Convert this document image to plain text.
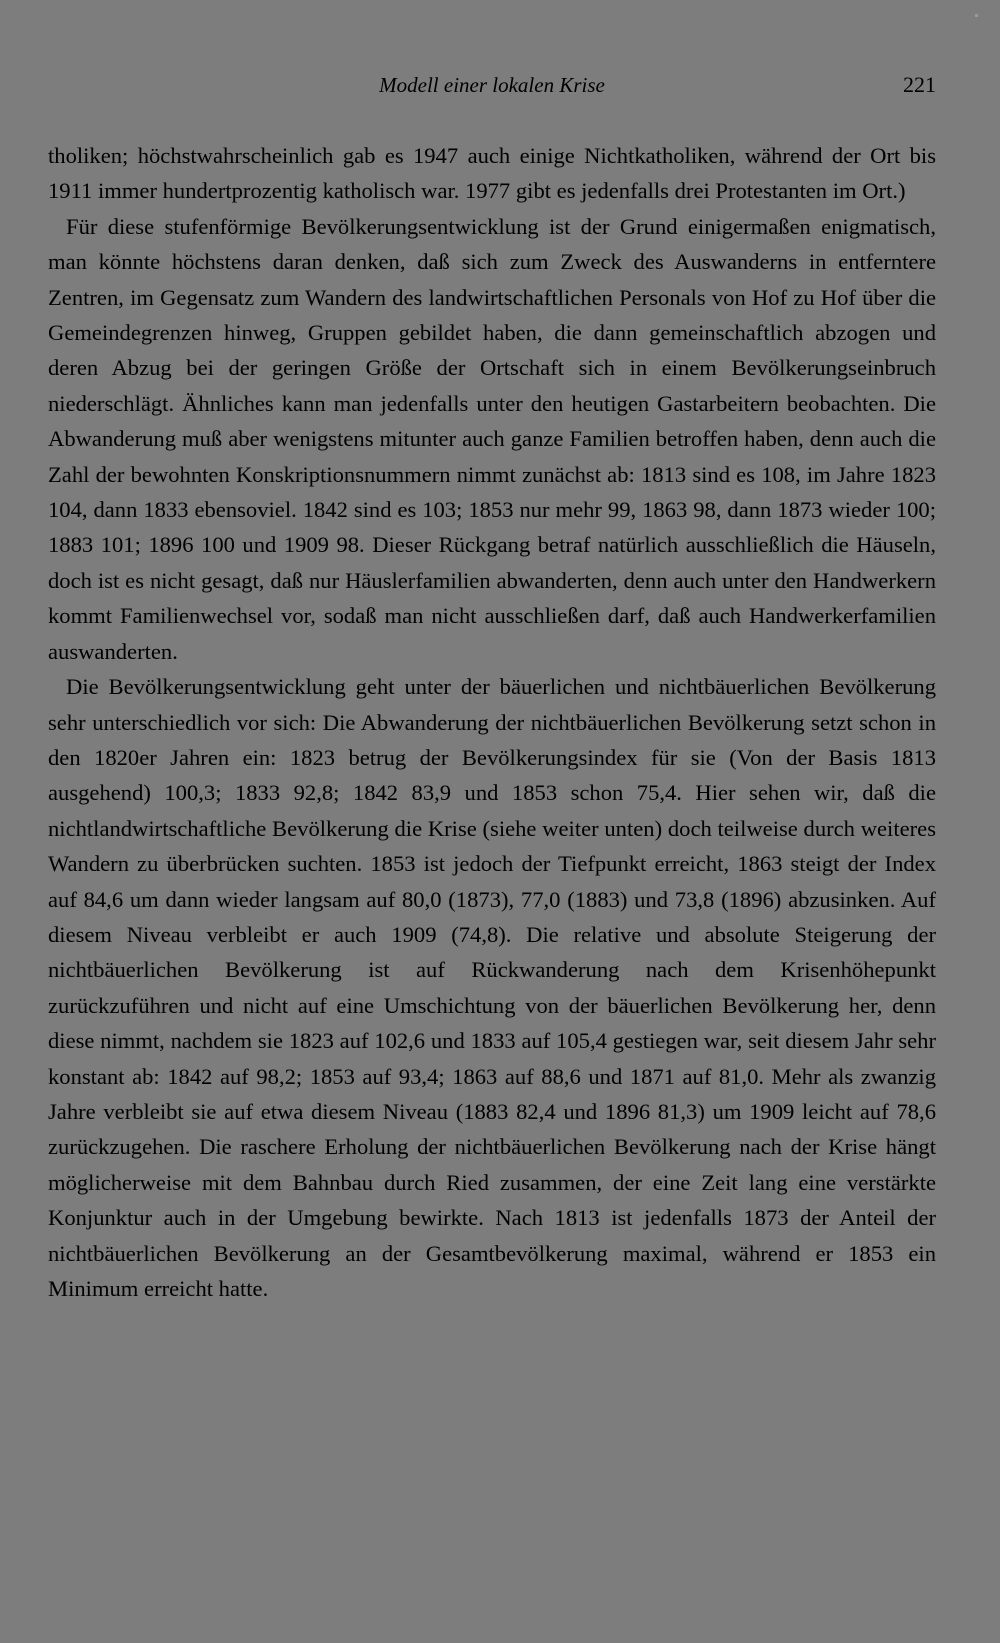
Modell einer lokalen Krise	221

tholiken; höchstwahrscheinlich gab es 1947 auch einige Nichtkatholiken, während der Ort bis 1911 immer hundertprozentig katholisch war. 1977 gibt es jedenfalls drei Protestanten im Ort.)

Für diese stufenförmige Bevölkerungsentwicklung ist der Grund einigermaßen enigmatisch, man könnte höchstens daran denken, daß sich zum Zweck des Auswanderns in entferntere Zentren, im Gegensatz zum Wandern des landwirtschaftlichen Personals von Hof zu Hof über die Gemeindegrenzen hinweg, Gruppen gebildet haben, die dann gemeinschaftlich abzogen und deren Abzug bei der geringen Größe der Ortschaft sich in einem Bevölkerungseinbruch niederschlägt. Ähnliches kann man jedenfalls unter den heutigen Gastarbeitern beobachten. Die Abwanderung muß aber wenigstens mitunter auch ganze Familien betroffen haben, denn auch die Zahl der bewohnten Konskriptionsnummern nimmt zunächst ab: 1813 sind es 108, im Jahre 1823 104, dann 1833 ebensoviel. 1842 sind es 103; 1853 nur mehr 99, 1863 98, dann 1873 wieder 100; 1883 101; 1896 100 und 1909 98. Dieser Rückgang betraf natürlich ausschließlich die Häuseln, doch ist es nicht gesagt, daß nur Häuslerfamilien abwanderten, denn auch unter den Handwerkern kommt Familienwechsel vor, sodaß man nicht ausschließen darf, daß auch Handwerkerfamilien auswanderten.

Die Bevölkerungsentwicklung geht unter der bäuerlichen und nichtbäuerlichen Bevölkerung sehr unterschiedlich vor sich: Die Abwanderung der nichtbäuerlichen Bevölkerung setzt schon in den 1820er Jahren ein: 1823 betrug der Bevölkerungsindex für sie (Von der Basis 1813 ausgehend) 100,3; 1833 92,8; 1842 83,9 und 1853 schon 75,4. Hier sehen wir, daß die nichtlandwirtschaftliche Bevölkerung die Krise (siehe weiter unten) doch teilweise durch weiteres Wandern zu überbrücken suchten. 1853 ist jedoch der Tiefpunkt erreicht, 1863 steigt der Index auf 84,6 um dann wieder langsam auf 80,0 (1873), 77,0 (1883) und 73,8 (1896) abzusinken. Auf diesem Niveau verbleibt er auch 1909 (74,8). Die relative und absolute Steigerung der nichtbäuerlichen Bevölkerung ist auf Rückwanderung nach dem Krisenhöhepunkt zurückzuführen und nicht auf eine Umschichtung von der bäuerlichen Bevölkerung her, denn diese nimmt, nachdem sie 1823 auf 102,6 und 1833 auf 105,4 gestiegen war, seit diesem Jahr sehr konstant ab: 1842 auf 98,2; 1853 auf 93,4; 1863 auf 88,6 und 1871 auf 81,0. Mehr als zwanzig Jahre verbleibt sie auf etwa diesem Niveau (1883 82,4 und 1896 81,3) um 1909 leicht auf 78,6 zurückzugehen. Die raschere Erholung der nichtbäuerlichen Bevölkerung nach der Krise hängt möglicherweise mit dem Bahnbau durch Ried zusammen, der eine Zeit lang eine verstärkte Konjunktur auch in der Umgebung bewirkte. Nach 1813 ist jedenfalls 1873 der Anteil der nichtbäuerlichen Bevölkerung an der Gesamtbevölkerung maximal, während er 1853 ein Minimum erreicht hatte.
